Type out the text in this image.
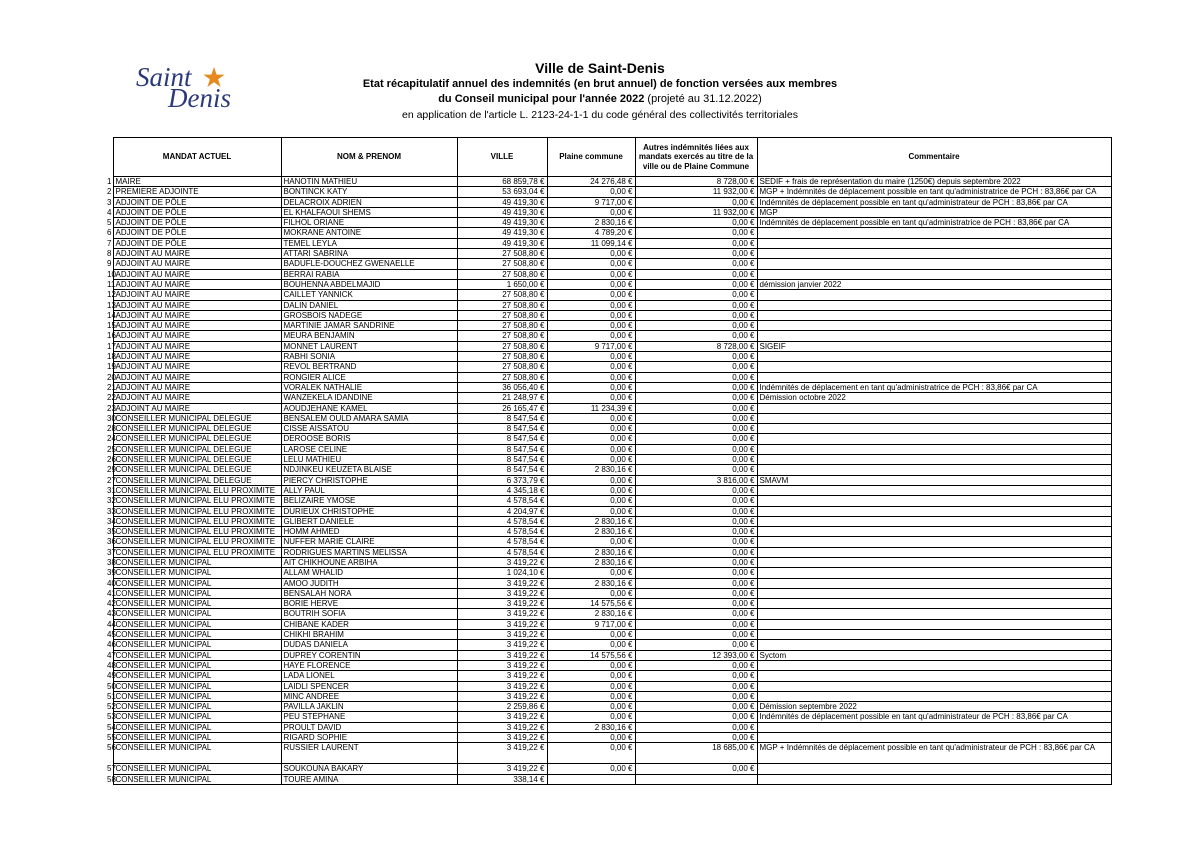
Saint
Denis
Ville de Saint-Denis
Etat récapitulatif annuel des indemnités (en brut annuel) de fonction versées aux membres
du Conseil municipal pour l'année 2022 (projeté au 31.12.2022)
en application de l'article L. 2123-24-1-1 du code général des collectivités territoriales
	MANDAT ACTUEL	NOM & PRENOM	VILLE	Plaine commune	Autres indémnités liées aux mandats exercés au titre de la ville ou de Plaine Commune	Commentaire
1	MAIRE	HANOTIN MATHIEU	68 859,78 €	24 276,48 €	8 728,00 €	SEDIF + frais de représentation du maire (1250€) depuis septembre 2022
2	PREMIERE ADJOINTE	BONTINCK KATY	53 693,04 €	0,00 €	11 932,00 €	MGP + Indémnités de déplacement possible en tant qu'administratrice de PCH : 83,86€ par CA
3	ADJOINT DE PÔLE	DELACROIX ADRIEN	49 419,30 €	9 717,00 €	0,00 €	Indémnités de déplacement possible en tant qu'administrateur de PCH : 83,86€ par CA
4	ADJOINT DE PÔLE	EL KHALFAOUI SHEMS	49 419,30 €	0,00 €	11 932,00 €	MGP
5	ADJOINT DE PÔLE	FILHOL ORIANE	49 419,30 €	2 830,16 €	0,00 €	Indémnités de déplacement possible en tant qu'administratrice de PCH : 83,86€ par CA
6	ADJOINT DE PÔLE	MOKRANE ANTOINE	49 419,30 €	4 789,20 €	0,00 €	
7	ADJOINT DE PÔLE	TEMEL LEYLA	49 419,30 €	11 099,14 €	0,00 €	
8	ADJOINT AU MAIRE	ATTARI SABRINA	27 508,80 €	0,00 €	0,00 €	
9	ADJOINT AU MAIRE	BADUFLE-DOUCHEZ GWENAELLE	27 508,80 €	0,00 €	0,00 €	
10	ADJOINT AU MAIRE	BERRAI RABIA	27 508,80 €	0,00 €	0,00 €	
11	ADJOINT AU MAIRE	BOUHENNA ABDELMAJID	1 650,00 €	0,00 €	0,00 €	démission janvier 2022
12	ADJOINT AU MAIRE	CAILLET YANNICK	27 508,80 €	0,00 €	0,00 €	
13	ADJOINT AU MAIRE	DALIN DANIEL	27 508,80 €	0,00 €	0,00 €	
14	ADJOINT AU MAIRE	GROSBOIS NADEGE	27 508,80 €	0,00 €	0,00 €	
15	ADJOINT AU MAIRE	MARTINIE JAMAR SANDRINE	27 508,80 €	0,00 €	0,00 €	
16	ADJOINT AU MAIRE	MEURA BENJAMIN	27 508,80 €	0,00 €	0,00 €	
17	ADJOINT AU MAIRE	MONNET LAURENT	27 508,80 €	9 717,00 €	8 728,00 €	SIGEIF
18	ADJOINT AU MAIRE	RABHI SONIA	27 508,80 €	0,00 €	0,00 €	
19	ADJOINT AU MAIRE	REVOL BERTRAND	27 508,80 €	0,00 €	0,00 €	
20	ADJOINT AU MAIRE	RONGIER ALICE	27 508,80 €	0,00 €	0,00 €	
21	ADJOINT AU MAIRE	VORALEK NATHALIE	36 056,40 €	0,00 €	0,00 €	Indémnités de déplacement en tant qu'administratrice de PCH : 83,86€ par CA
22	ADJOINT AU MAIRE	WANZEKELA IDANDINE	21 248,97 €	0,00 €	0,00 €	Démission octobre 2022
23	ADJOINT AU MAIRE	AOUDJEHANE KAMEL	26 165,47 €	11 234,39 €	0,00 €	
30	CONSEILLER MUNICIPAL DELEGUE	BENSALEM OULD AMARA SAMIA	8 547,54 €	0,00 €	0,00 €	
28	CONSEILLER MUNICIPAL DELEGUE	CISSE AISSATOU	8 547,54 €	0,00 €	0,00 €	
24	CONSEILLER MUNICIPAL DELEGUE	DEROOSE BORIS	8 547,54 €	0,00 €	0,00 €	
25	CONSEILLER MUNICIPAL DELEGUE	LAROSE CELINE	8 547,54 €	0,00 €	0,00 €	
26	CONSEILLER MUNICIPAL DELEGUE	LELU MATHIEU	8 547,54 €	0,00 €	0,00 €	
29	CONSEILLER MUNICIPAL DELEGUE	NDJINKEU KEUZETA BLAISE	8 547,54 €	2 830,16 €	0,00 €	
27	CONSEILLER MUNICIPAL DELEGUE	PIERCY CHRISTOPHE	6 373,79 €	0,00 €	3 816,00 €	SMAVM
31	CONSEILLER MUNICIPAL ELU PROXIMITE	ALLY PAUL	4 345,18 €	0,00 €	0,00 €	
32	CONSEILLER MUNICIPAL ELU PROXIMITE	BELIZAIRE YMOSE	4 578,54 €	0,00 €	0,00 €	
33	CONSEILLER MUNICIPAL ELU PROXIMITE	DURIEUX CHRISTOPHE	4 204,97 €	0,00 €	0,00 €	
34	CONSEILLER MUNICIPAL ELU PROXIMITE	GLIBERT DANIELE	4 578,54 €	2 830,16 €	0,00 €	
35	CONSEILLER MUNICIPAL ELU PROXIMITE	HOMM AHMED	4 578,54 €	2 830,16 €	0,00 €	
36	CONSEILLER MUNICIPAL ELU PROXIMITE	NUFFER MARIE CLAIRE	4 578,54 €	0,00 €	0,00 €	
37	CONSEILLER MUNICIPAL ELU PROXIMITE	RODRIGUES MARTINS MELISSA	4 578,54 €	2 830,16 €	0,00 €	
38	CONSEILLER MUNICIPAL	AIT CHIKHOUNE ARBIHA	3 419,22 €	2 830,16 €	0,00 €	
39	CONSEILLER MUNICIPAL	ALLAM WHALID	1 024,10 €	0,00 €	0,00 €	
40	CONSEILLER MUNICIPAL	AMOO JUDITH	3 419,22 €	2 830,16 €	0,00 €	
41	CONSEILLER MUNICIPAL	BENSALAH NORA	3 419,22 €	0,00 €	0,00 €	
42	CONSEILLER MUNICIPAL	BORIE HERVE	3 419,22 €	14 575,56 €	0,00 €	
43	CONSEILLER MUNICIPAL	BOUTRIH SOFIA	3 419,22 €	2 830,16 €	0,00 €	
44	CONSEILLER MUNICIPAL	CHIBANE KADER	3 419,22 €	9 717,00 €	0,00 €	
45	CONSEILLER MUNICIPAL	CHIKHI BRAHIM	3 419,22 €	0,00 €	0,00 €	
46	CONSEILLER MUNICIPAL	DUDAS DANIELA	3 419,22 €	0,00 €	0,00 €	
47	CONSEILLER MUNICIPAL	DUPREY CORENTIN	3 419,22 €	14 575,56 €	12 393,00 €	Syctom
48	CONSEILLER MUNICIPAL	HAYE FLORENCE	3 419,22 €	0,00 €	0,00 €	
49	CONSEILLER MUNICIPAL	LADA LIONEL	3 419,22 €	0,00 €	0,00 €	
50	CONSEILLER MUNICIPAL	LAIDLI SPENCER	3 419,22 €	0,00 €	0,00 €	
51	CONSEILLER MUNICIPAL	MINC ANDREE	3 419,22 €	0,00 €	0,00 €	
52	CONSEILLER MUNICIPAL	PAVILLA JAKLIN	2 259,86 €	0,00 €	0,00 €	Démission septembre 2022
53	CONSEILLER MUNICIPAL	PEU STEPHANE	3 419,22 €	0,00 €	0,00 €	Indémnités de déplacement possible en tant qu'administrateur de PCH : 83,86€ par CA
54	CONSEILLER MUNICIPAL	PROULT DAVID	3 419,22 €	2 830,16 €	0,00 €	
55	CONSEILLER MUNICIPAL	RIGARD SOPHIE	3 419,22 €	0,00 €	0,00 €	
56	CONSEILLER MUNICIPAL	RUSSIER LAURENT	3 419,22 €	0,00 €	18 685,00 €	MGP + Indémnités de déplacement possible en tant qu'administrateur de PCH : 83,86€ par CA
57	CONSEILLER MUNICIPAL	SOUKOUNA BAKARY	3 419,22 €	0,00 €	0,00 €	
58	CONSEILLER MUNICIPAL	TOURE AMINA	338,14 €			
